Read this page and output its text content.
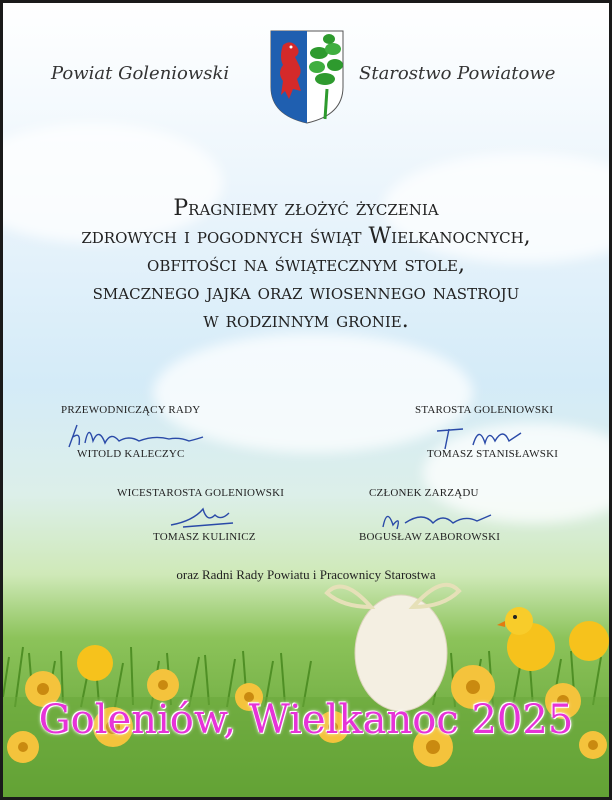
Powiat Goleniowski	Starostwo Powiatowe
Pragniemy złożyć życzenia
zdrowych i pogodnych świąt Wielkanocnych,
obfitości na świątecznym stole,
smacznego jajka oraz wiosennego nastroju
w rodzinnym gronie.
PRZEWODNICZĄCY RADY
WITOLD KALECZYC
STAROSTA GOLENIOWSKI
TOMASZ STANISŁAWSKI
WICESTAROSTA GOLENIOWSKI
TOMASZ KULINICZ
CZŁONEK ZARZĄDU
BOGUSŁAW ZABOROWSKI
oraz Radni Rady Powiatu i Pracownicy Starostwa
Goleniów, Wielkanoc 2025
